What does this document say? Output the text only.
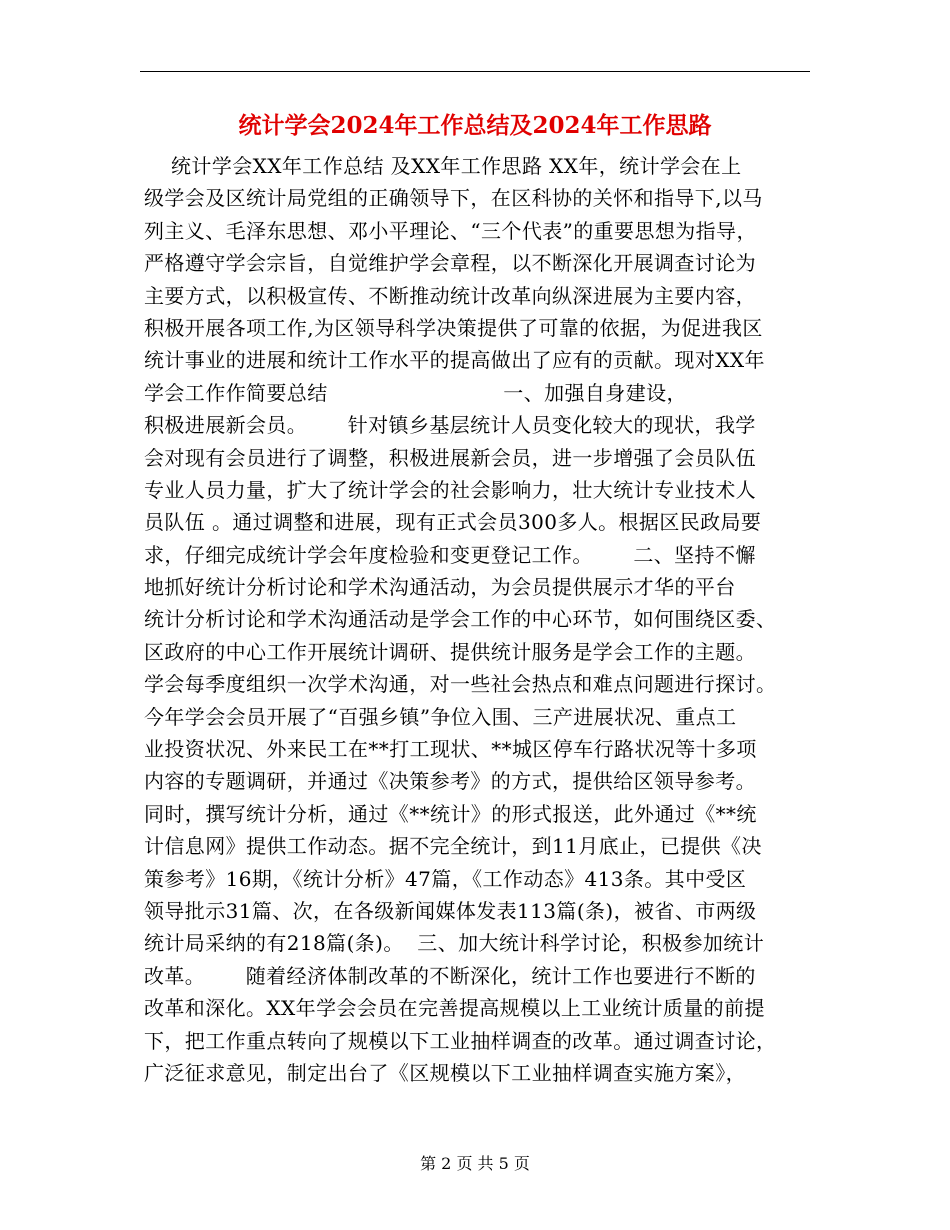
统计学会2024年工作总结及2024年工作思路
统计学会XX年工作总结 及XX年工作思路 XX年，统计学会在上
级学会及区统计局党组的正确领导下，在区科协的关怀和指导下,以马
列主义、毛泽东思想、邓小平理论、“三个代表”的重要思想为指导，
严格遵守学会宗旨，自觉维护学会章程，以不断深化开展调查讨论为
主要方式，以积极宣传、不断推动统计改革向纵深进展为主要内容，
积极开展各项工作,为区领导科学决策提供了可靠的依据，为促进我区
统计事业的进展和统计工作水平的提高做出了应有的贡献。现对XX年
学会工作作简要总结                          一、加强自身建设，
积极进展新会员。      针对镇乡基层统计人员变化较大的现状，我学
会对现有会员进行了调整，积极进展新会员，进一步增强了会员队伍
专业人员力量，扩大了统计学会的社会影响力，壮大统计专业技术人
员队伍 。通过调整和进展，现有正式会员300多人。根据区民政局要
求，仔细完成统计学会年度检验和变更登记工作。      二、坚持不懈
地抓好统计分析讨论和学术沟通活动，为会员提供展示才华的平台
统计分析讨论和学术沟通活动是学会工作的中心环节，如何围绕区委、
区政府的中心工作开展统计调研、提供统计服务是学会工作的主题。
学会每季度组织一次学术沟通，对一些社会热点和难点问题进行探讨。
今年学会会员开展了“百强乡镇”争位入围、三产进展状况、重点工
业投资状况、外来民工在**打工现状、**城区停车行路状况等十多项
内容的专题调研，并通过《决策参考》的方式，提供给区领导参考。
同时，撰写统计分析，通过《**统计》的形式报送，此外通过《**统
计信息网》提供工作动态。据不完全统计，到11月底止，已提供《决
策参考》16期，《统计分析》47篇，《工作动态》413条。其中受区
领导批示31篇、次，在各级新闻媒体发表113篇(条)，被省、市两级
统计局采纳的有218篇(条)。  三、加大统计科学讨论，积极参加统计
改革。      随着经济体制改革的不断深化，统计工作也要进行不断的
改革和深化。XX年学会会员在完善提高规模以上工业统计质量的前提
下，把工作重点转向了规模以下工业抽样调查的改革。通过调查讨论，
广泛征求意见，制定出台了《区规模以下工业抽样调查实施方案》，
第 2 页 共 5 页
